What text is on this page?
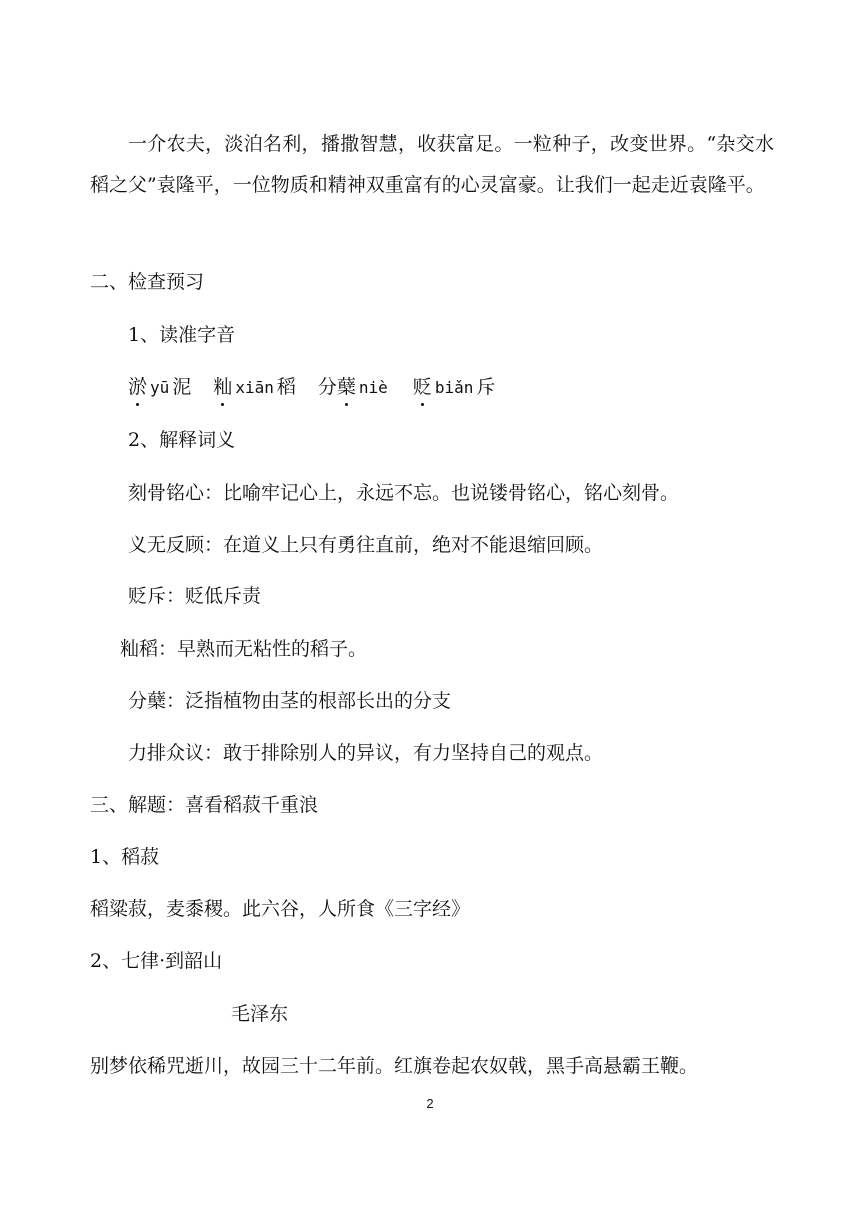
一介农夫，淡泊名利，播撒智慧，收获富足。一粒种子，改变世界。“杂交水稻之父”袁隆平，一位物质和精神双重富有的心灵富豪。让我们一起走近袁隆平。

二、检查预习
1、读准字音
淤 yū 泥 籼 xiān 稻 分蘖 niè 贬 biǎn 斥
2、解释词义
刻骨铭心：比喻牢记心上，永远不忘。也说镂骨铭心，铭心刻骨。
义无反顾：在道义上只有勇往直前，绝对不能退缩回顾。
贬斥：贬低斥责
籼稻：早熟而无粘性的稻子。
分蘖：泛指植物由茎的根部长出的分支
力排众议：敢于排除别人的异议，有力坚持自己的观点。
三、解题：喜看稻菽千重浪
1、稻菽
稻粱菽，麦黍稷。此六谷，人所食《三字经》
2、七律·到韶山
毛泽东
别梦依稀咒逝川，故园三十二年前。红旗卷起农奴戟，黑手高悬霸王鞭。
2
